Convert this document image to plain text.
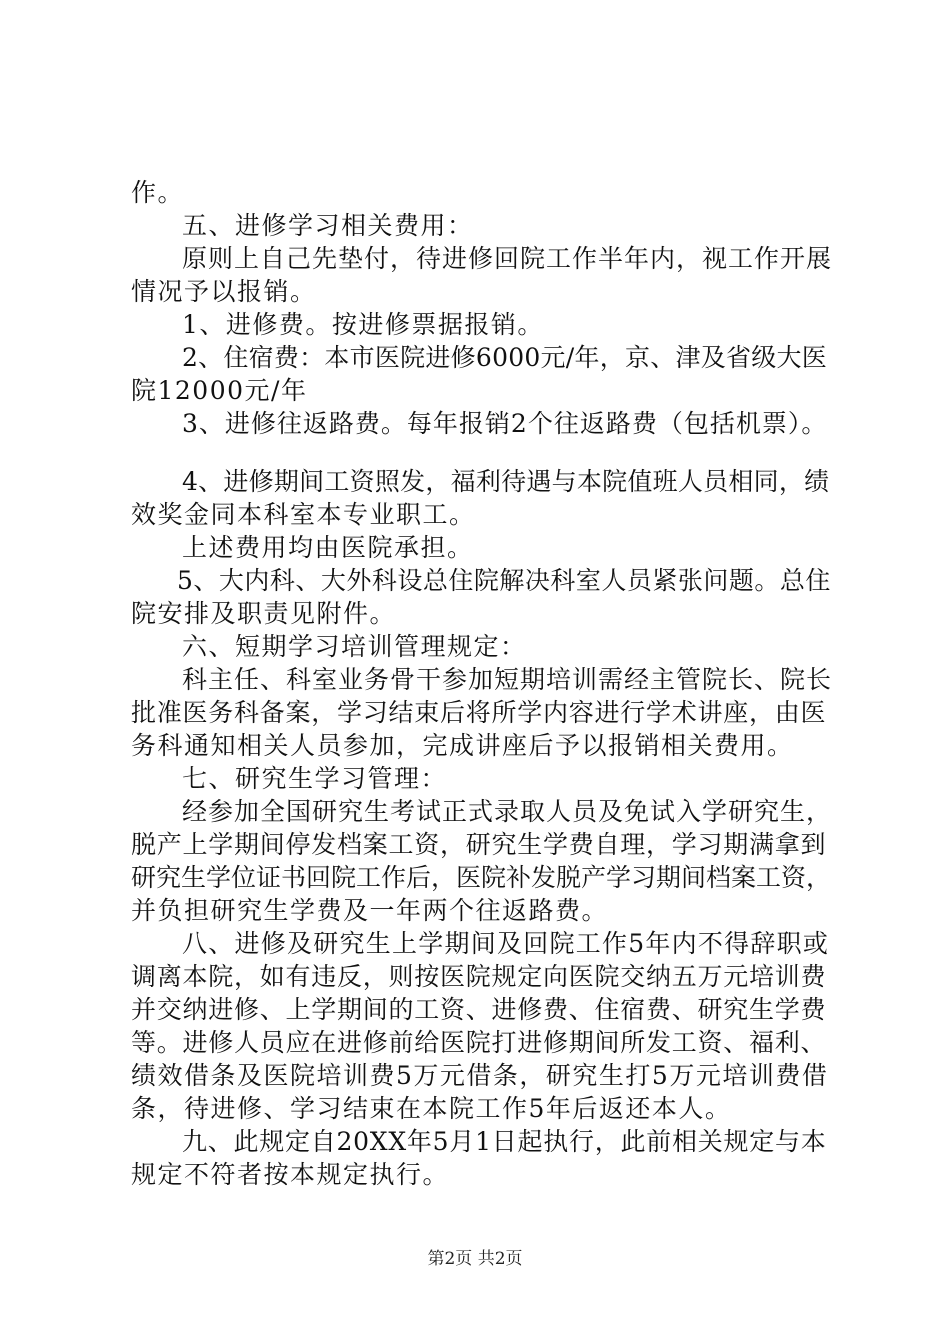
作。
五、进修学习相关费用：
原则上自己先垫付，待进修回院工作半年内，视工作开展
情况予以报销。
1、进修费。按进修票据报销。
2、住宿费：本市医院进修6000元/年，京、津及省级大医
院12000元/年
3、进修往返路费。每年报销2个往返路费（包括机票）。
4、进修期间工资照发，福利待遇与本院值班人员相同，绩
效奖金同本科室本专业职工。
上述费用均由医院承担。
5、大内科、大外科设总住院解决科室人员紧张问题。总住
院安排及职责见附件。
六、短期学习培训管理规定：
科主任、科室业务骨干参加短期培训需经主管院长、院长
批准医务科备案，学习结束后将所学内容进行学术讲座，由医
务科通知相关人员参加，完成讲座后予以报销相关费用。
七、研究生学习管理：
经参加全国研究生考试正式录取人员及免试入学研究生，
脱产上学期间停发档案工资，研究生学费自理，学习期满拿到
研究生学位证书回院工作后，医院补发脱产学习期间档案工资，
并负担研究生学费及一年两个往返路费。
八、进修及研究生上学期间及回院工作5年内不得辞职或
调离本院，如有违反，则按医院规定向医院交纳五万元培训费
并交纳进修、上学期间的工资、进修费、住宿费、研究生学费
等。进修人员应在进修前给医院打进修期间所发工资、福利、
绩效借条及医院培训费5万元借条，研究生打5万元培训费借
条，待进修、学习结束在本院工作5年后返还本人。
九、此规定自20XX年5月1日起执行，此前相关规定与本
规定不符者按本规定执行。
第2页 共2页
